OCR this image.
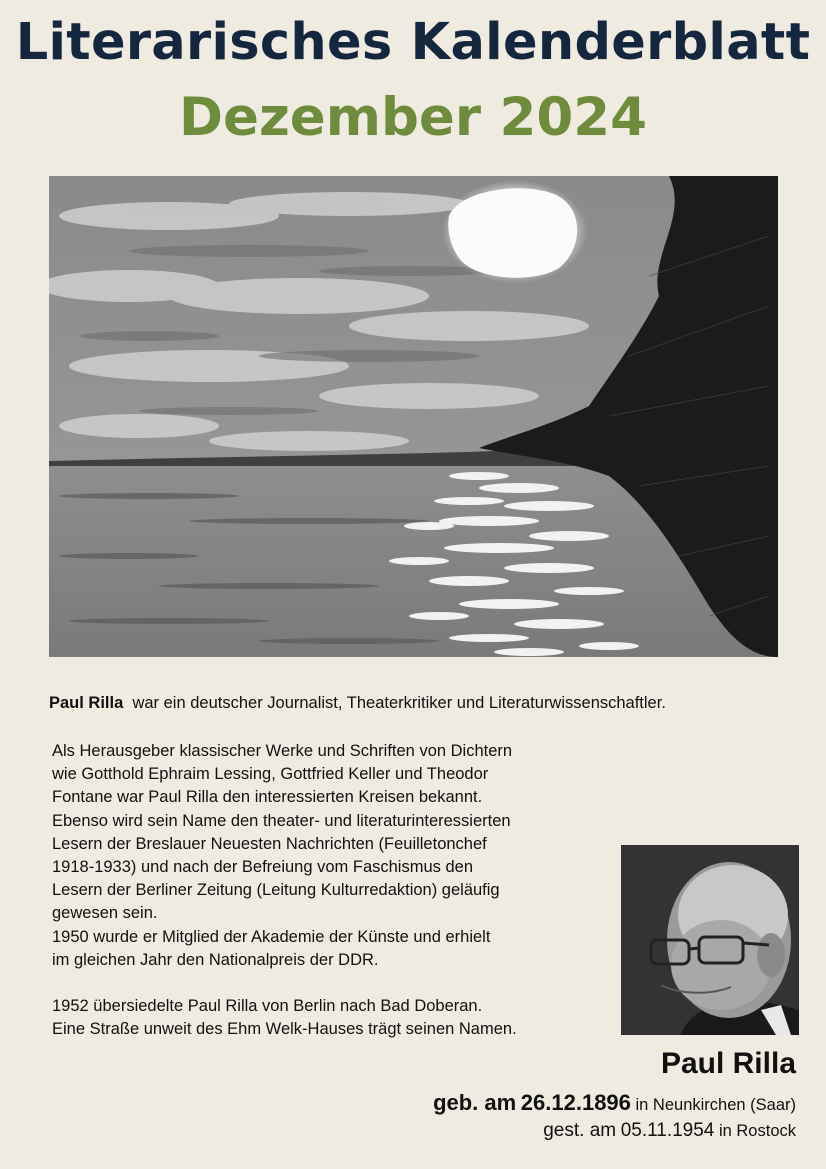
Literarisches Kalenderblatt
Dezember 2024

Paul Rilla war ein deutscher Journalist, Theaterkritiker und Literaturwissenschaftler.

Als Herausgeber klassischer Werke und Schriften von Dichtern
wie Gotthold Ephraim Lessing, Gottfried Keller und Theodor
Fontane war Paul Rilla den interessierten Kreisen bekannt.
Ebenso wird sein Name den theater- und literaturinteressierten
Lesern der Breslauer Neuesten Nachrichten (Feuilletonchef
1918-1933) und nach der Befreiung vom Faschismus den
Lesern der Berliner Zeitung (Leitung Kulturredaktion) geläufig
gewesen sein.
1950 wurde er Mitglied der Akademie der Künste und erhielt
im gleichen Jahr den Nationalpreis der DDR.
1952 übersiedelte Paul Rilla von Berlin nach Bad Doberan.
Eine Straße unweit des Ehm Welk-Hauses trägt seinen Namen.

Paul Rilla

geb. am 26.12.1896 in Neunkirchen (Saar)
gest. am 05.11.1954 in Rostock
